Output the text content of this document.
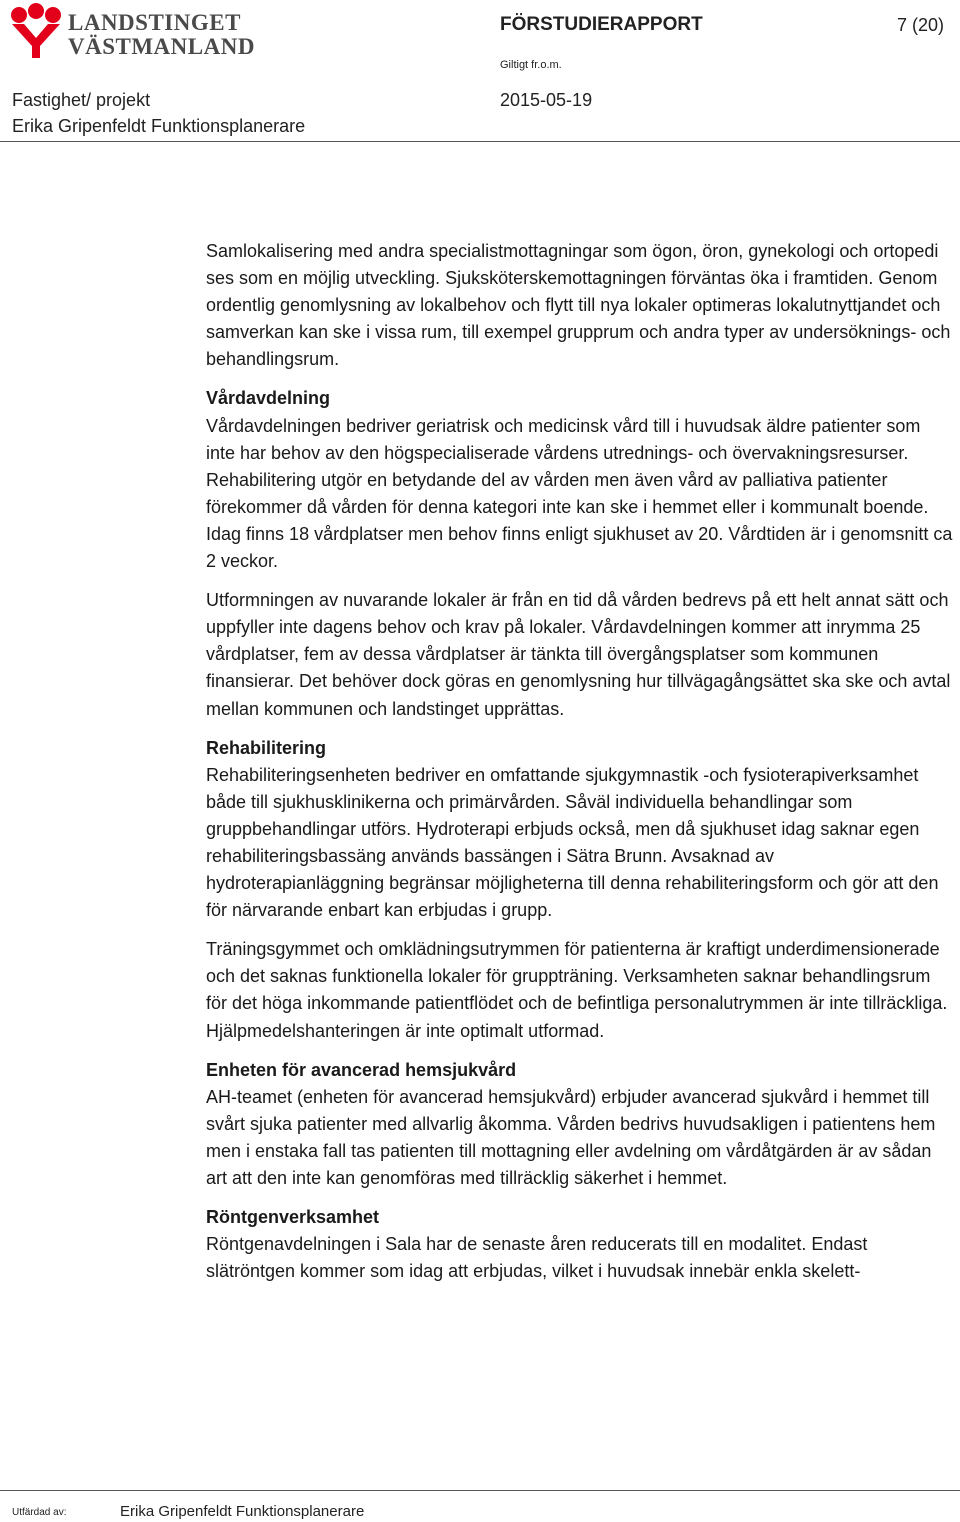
LANDSTINGET
VÄSTMANLAND
FÖRSTUDIERAPPORT	7 (20)
Giltigt fr.o.m.
Fastighet/ projekt	2015-05-19
Erika Gripenfeldt Funktionsplanerare
Samlokalisering med andra specialistmottagningar som ögon, öron, gynekologi och ortopedi ses som en möjlig utveckling. Sjuksköterskemottagningen förväntas öka i framtiden. Genom ordentlig genomlysning av lokalbehov och flytt till nya lokaler optimeras lokalutnyttjandet och samverkan kan ske i vissa rum, till exempel grupprum och andra typer av undersöknings- och behandlingsrum.
Vårdavdelning
Vårdavdelningen bedriver geriatrisk och medicinsk vård till i huvudsak äldre patienter som inte har behov av den högspecialiserade vårdens utrednings- och övervakningsresurser. Rehabilitering utgör en betydande del av vården men även vård av palliativa patienter förekommer då vården för denna kategori inte kan ske i hemmet eller i kommunalt boende. Idag finns 18 vårdplatser men behov finns enligt sjukhuset av 20. Vårdtiden är i genomsnitt ca 2 veckor.
Utformningen av nuvarande lokaler är från en tid då vården bedrevs på ett helt annat sätt och uppfyller inte dagens behov och krav på lokaler. Vårdavdelningen kommer att inrymma 25 vårdplatser, fem av dessa vårdplatser är tänkta till övergångsplatser som kommunen finansierar. Det behöver dock göras en genomlysning hur tillvägagångsättet ska ske och avtal mellan kommunen och landstinget upprättas.
Rehabilitering
Rehabiliteringsenheten bedriver en omfattande sjukgymnastik -och fysioterapiverksamhet både till sjukhusklinikerna och primärvården. Såväl individuella behandlingar som gruppbehandlingar utförs. Hydroterapi erbjuds också, men då sjukhuset idag saknar egen rehabiliteringsbassäng används bassängen i Sätra Brunn. Avsaknad av hydroterapianläggning begränsar möjligheterna till denna rehabiliteringsform och gör att den för närvarande enbart kan erbjudas i grupp.
Träningsgymmet och omklädningsutrymmen för patienterna är kraftigt underdimensionerade och det saknas funktionella lokaler för gruppträning. Verksamheten saknar behandlingsrum för det höga inkommande patientflödet och de befintliga personalutrymmen är inte tillräckliga. Hjälpmedelshanteringen är inte optimalt utformad.
Enheten för avancerad hemsjukvård
AH-teamet (enheten för avancerad hemsjukvård) erbjuder avancerad sjukvård i hemmet till svårt sjuka patienter med allvarlig åkomma. Vården bedrivs huvudsakligen i patientens hem men i enstaka fall tas patienten till mottagning eller avdelning om vårdåtgärden är av sådan art att den inte kan genomföras med tillräcklig säkerhet i hemmet.
Röntgenverksamhet
Röntgenavdelningen i Sala har de senaste åren reducerats till en modalitet. Endast slätröntgen kommer som idag att erbjudas, vilket i huvudsak innebär enkla skelett-
Utfärdad av:	Erika Gripenfeldt Funktionsplanerare
